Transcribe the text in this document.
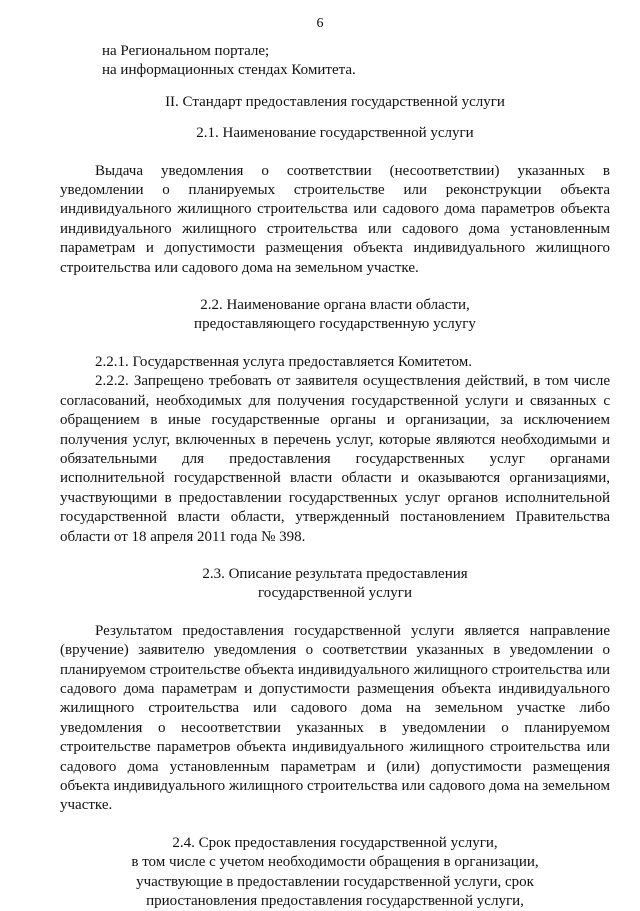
6
на Региональном портале;
на информационных стендах Комитета.

II. Стандарт предоставления государственной услуги

2.1. Наименование государственной услуги

Выдача уведомления о соответствии (несоответствии) указанных в уведомлении о планируемых строительстве или реконструкции объекта индивидуального жилищного строительства или садового дома параметров объекта индивидуального жилищного строительства или садового дома установленным параметрам и допустимости размещения объекта индивидуального жилищного строительства или садового дома на земельном участке.

2.2. Наименование органа власти области,
предоставляющего государственную услугу

2.2.1. Государственная услуга предоставляется Комитетом.

2.2.2. Запрещено требовать от заявителя осуществления действий, в том числе согласований, необходимых для получения государственной услуги и связанных с обращением в иные государственные органы и организации, за исключением получения услуг, включенных в перечень услуг, которые являются необходимыми и обязательными для предоставления государственных услуг органами исполнительной государственной власти области и оказываются организациями, участвующими в предоставлении государственных услуг органов исполнительной государственной власти области, утвержденный постановлением Правительства области от 18 апреля 2011 года № 398.

2.3. Описание результата предоставления
государственной услуги

Результатом предоставления государственной услуги является направление (вручение) заявителю уведомления о соответствии указанных в уведомлении о планируемом строительстве объекта индивидуального жилищного строительства или садового дома параметрам и допустимости размещения объекта индивидуального жилищного строительства или садового дома на земельном участке либо уведомления о несоответствии указанных в уведомлении о планируемом строительстве параметров объекта индивидуального жилищного строительства или садового дома установленным параметрам и (или) допустимости размещения объекта индивидуального жилищного строительства или садового дома на земельном участке.

2.4. Срок предоставления государственной услуги,
в том числе с учетом необходимости обращения в организации,
участвующие в предоставлении государственной услуги, срок
приостановления предоставления государственной услуги,
